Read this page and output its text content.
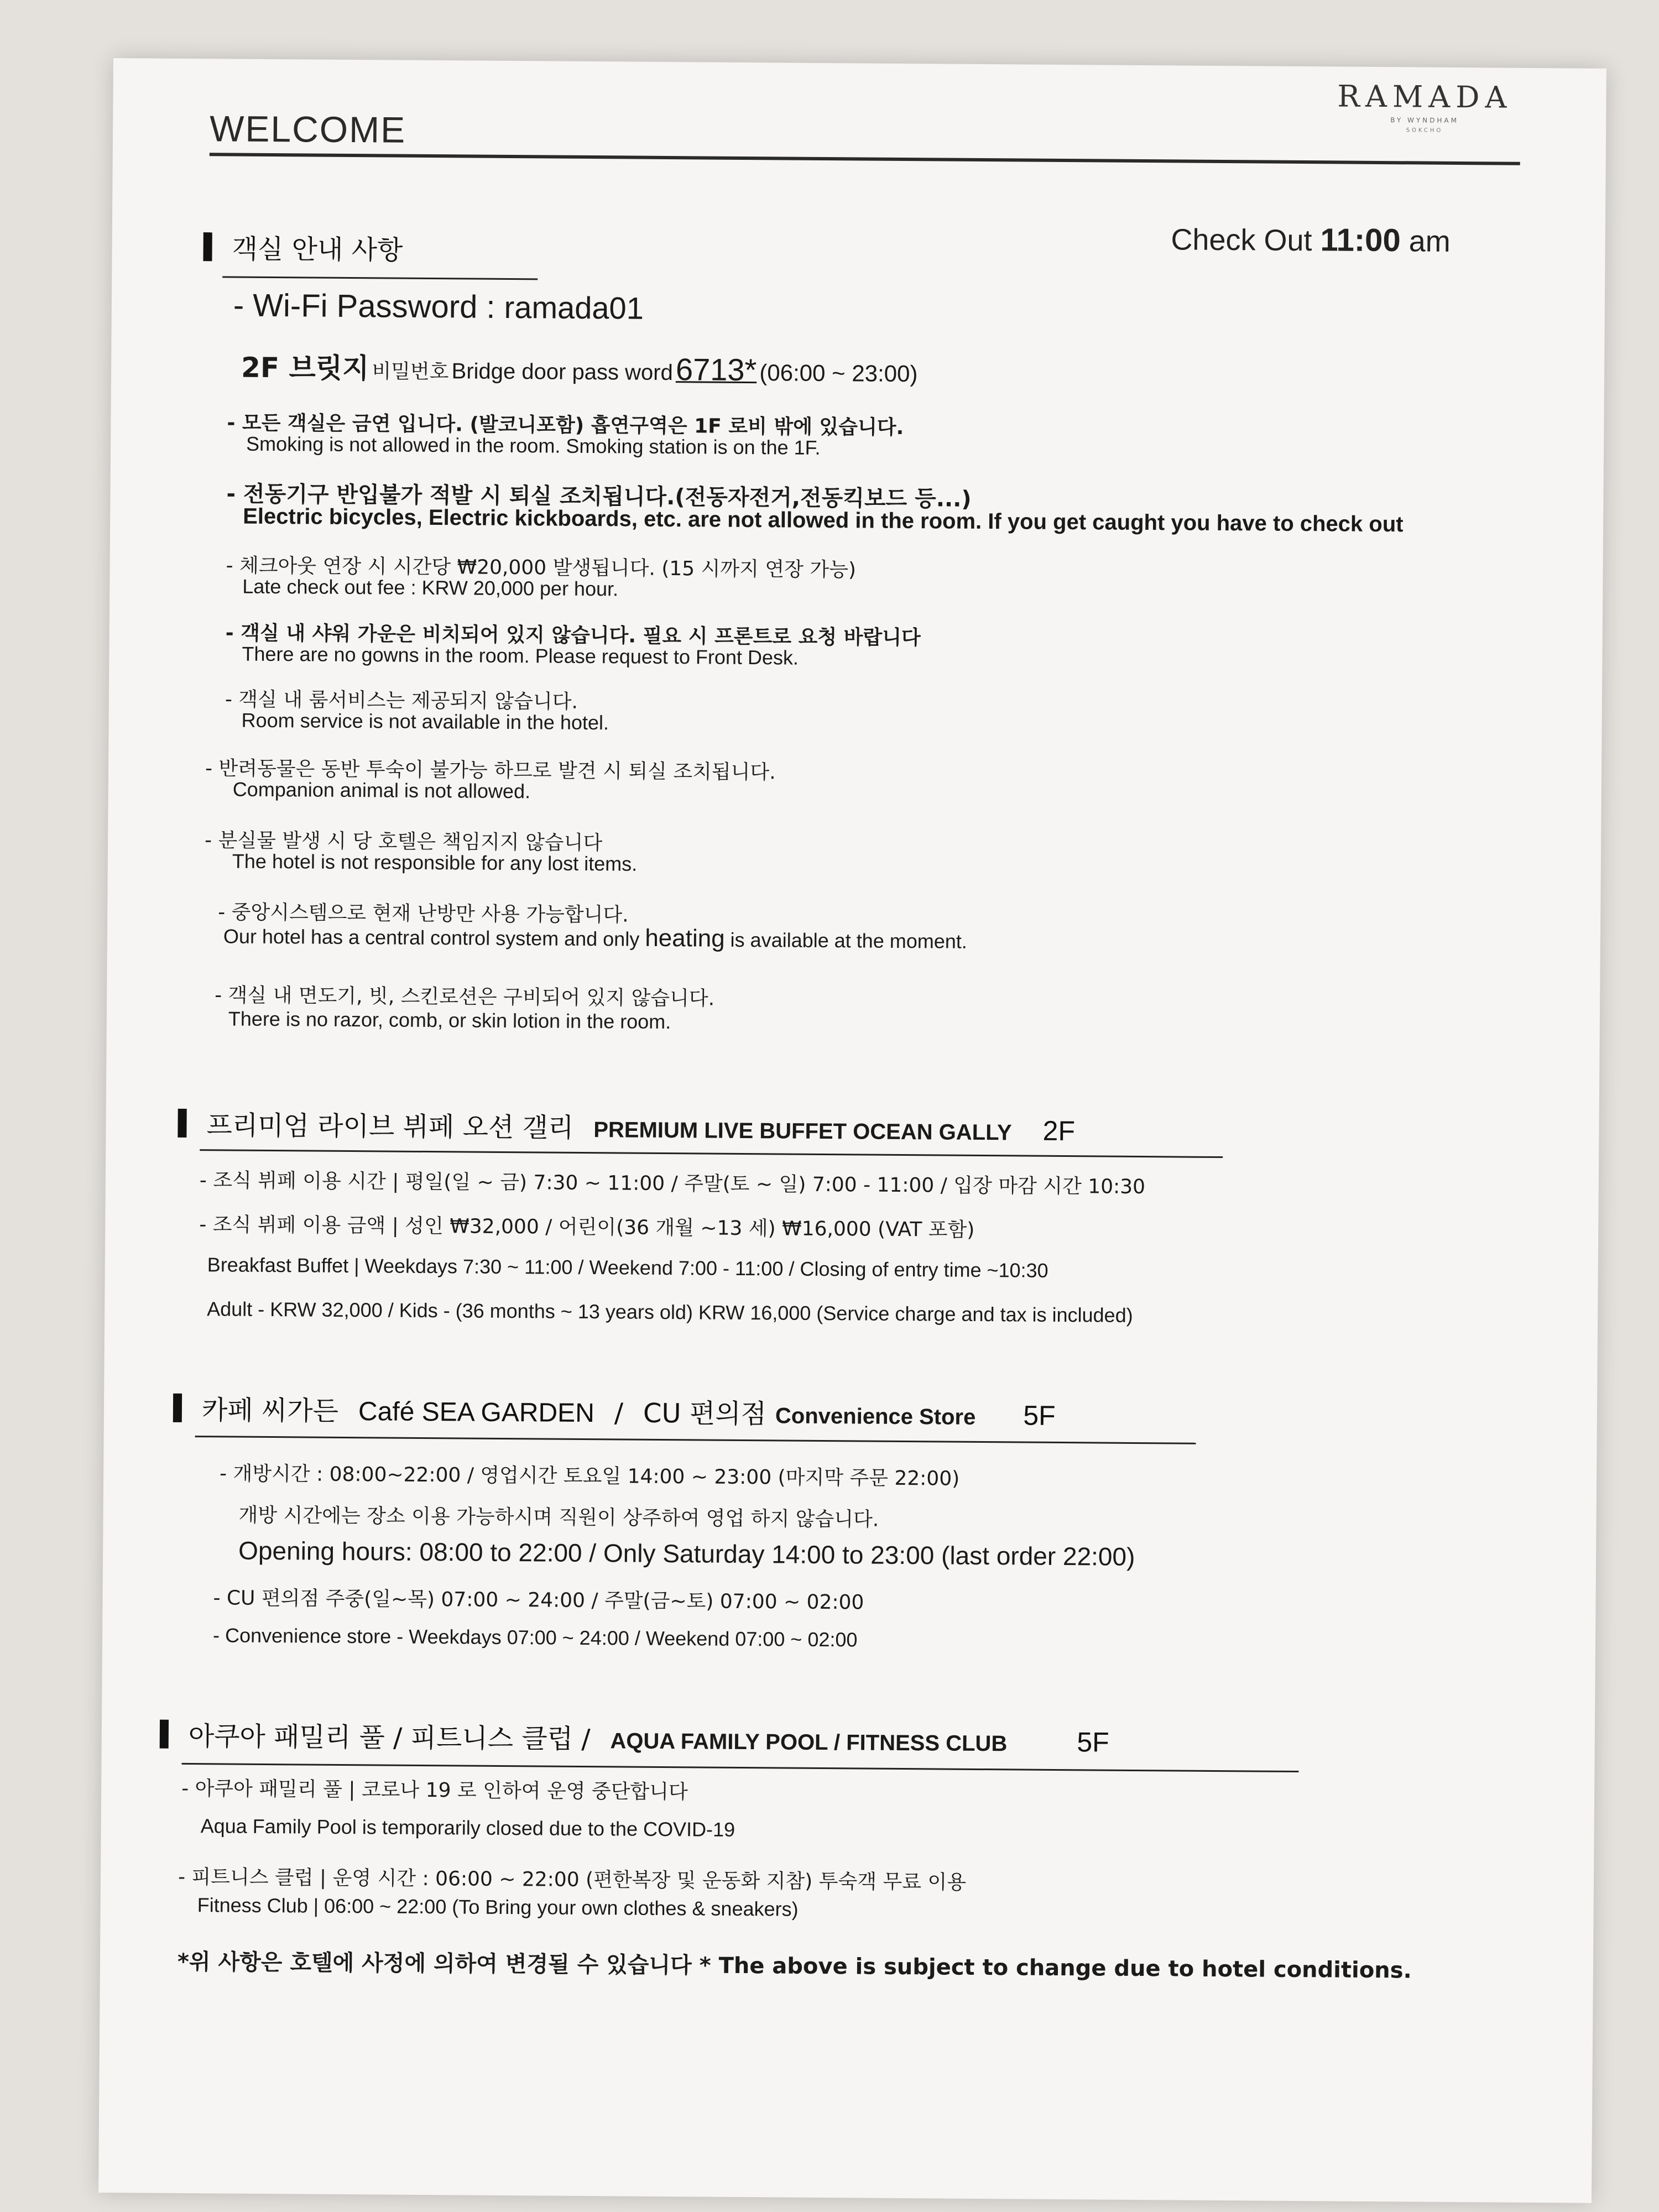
RAMADA
BY WYNDHAM
SOKCHO
WELCOME
Check Out 11:00 am
객실 안내 사항
- Wi-Fi Password : ramada01
2F 브릿지 비밀번호 Bridge door pass word 6713* (06:00 ~ 23:00)
- 모든 객실은 금연 입니다. (발코니포함) 흡연구역은 1F 로비 밖에 있습니다.
Smoking is not allowed in the room. Smoking station is on the 1F.
- 전동기구 반입불가 적발 시 퇴실 조치됩니다.(전동자전거,전동킥보드 등...)
Electric bicycles, Electric kickboards, etc. are not allowed in the room. If you get caught you have to check out
- 체크아웃 연장 시 시간당 ₩20,000 발생됩니다. (15 시까지 연장 가능)
Late check out fee : KRW 20,000 per hour.
- 객실 내 샤워 가운은 비치되어 있지 않습니다. 필요 시 프론트로 요청 바랍니다
There are no gowns in the room. Please request to Front Desk.
- 객실 내 룸서비스는 제공되지 않습니다.
Room service is not available in the hotel.
- 반려동물은 동반 투숙이 불가능 하므로 발견 시 퇴실 조치됩니다.
Companion animal is not allowed.
- 분실물 발생 시 당 호텔은 책임지지 않습니다
The hotel is not responsible for any lost items.
- 중앙시스템으로 현재 난방만 사용 가능합니다.
Our hotel has a central control system and only heating is available at the moment.
- 객실 내 면도기, 빗, 스킨로션은 구비되어 있지 않습니다.
There is no razor, comb, or skin lotion in the room.
프리미엄 라이브 뷔페 오션 갤리 PREMIUM LIVE BUFFET OCEAN GALLY 2F
- 조식 뷔페 이용 시간 | 평일(일 ~ 금) 7:30 ~ 11:00 / 주말(토 ~ 일) 7:00 - 11:00 / 입장 마감 시간 10:30
- 조식 뷔페 이용 금액 | 성인 ₩32,000 / 어린이(36 개월 ~13 세) ₩16,000 (VAT 포함)
Breakfast Buffet | Weekdays 7:30 ~ 11:00 / Weekend 7:00 - 11:00 / Closing of entry time ~10:30
Adult - KRW 32,000 / Kids - (36 months ~ 13 years old) KRW 16,000 (Service charge and tax is included)
카페 씨가든 Café SEA GARDEN / CU 편의점 Convenience Store 5F
- 개방시간 : 08:00~22:00 / 영업시간 토요일 14:00 ~ 23:00 (마지막 주문 22:00)
개방 시간에는 장소 이용 가능하시며 직원이 상주하여 영업 하지 않습니다.
Opening hours: 08:00 to 22:00 / Only Saturday 14:00 to 23:00 (last order 22:00)
- CU 편의점 주중(일~목) 07:00 ~ 24:00 / 주말(금~토) 07:00 ~ 02:00
- Convenience store - Weekdays 07:00 ~ 24:00 / Weekend 07:00 ~ 02:00
아쿠아 패밀리 풀 / 피트니스 클럽 / AQUA FAMILY POOL / FITNESS CLUB	5F
- 아쿠아 패밀리 풀 | 코로나 19 로 인하여 운영 중단합니다
Aqua Family Pool is temporarily closed due to the COVID-19
- 피트니스 클럽 | 운영 시간 : 06:00 ~ 22:00 (편한복장 및 운동화 지참) 투숙객 무료 이용
Fitness Club | 06:00 ~ 22:00 (To Bring your own clothes & sneakers)
*위 사항은 호텔에 사정에 의하여 변경될 수 있습니다 * The above is subject to change due to hotel conditions.
